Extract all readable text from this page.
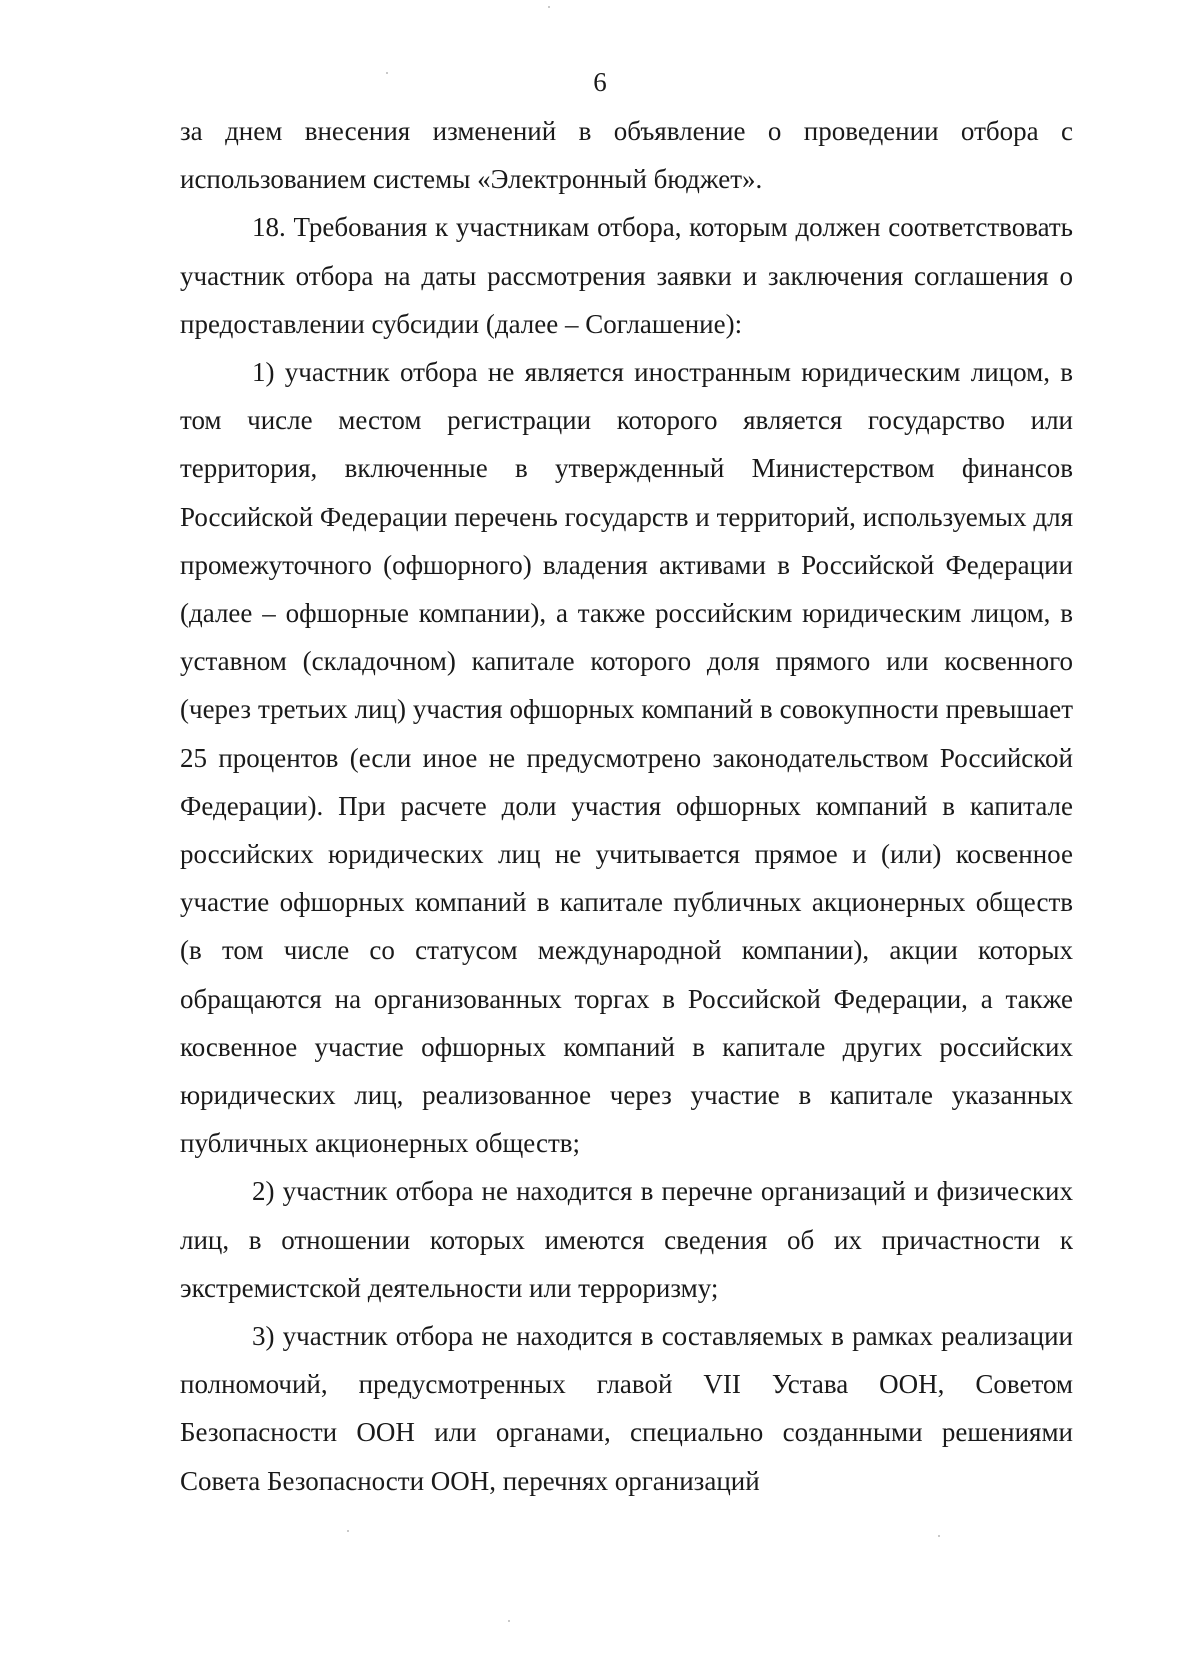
6

за днем внесения изменений в объявление о проведении отбора с использованием системы «Электронный бюджет».

18. Требования к участникам отбора, которым должен соответствовать участник отбора на даты рассмотрения заявки и заключения соглашения о предоставлении субсидии (далее – Соглашение):

1) участник отбора не является иностранным юридическим лицом, в том числе местом регистрации которого является государство или территория, включенные в утвержденный Министерством финансов Российской Федерации перечень государств и территорий, используемых для промежуточного (офшорного) владения активами в Российской Федерации (далее – офшорные компании), а также российским юридическим лицом, в уставном (складочном) капитале которого доля прямого или косвенного (через третьих лиц) участия офшорных компаний в совокупности превышает 25 процентов (если иное не предусмотрено законодательством Российской Федерации). При расчете доли участия офшорных компаний в капитале российских юридических лиц не учитывается прямое и (или) косвенное участие офшорных компаний в капитале публичных акционерных обществ (в том числе со статусом международной компании), акции которых обращаются на организованных торгах в Российской Федерации, а также косвенное участие офшорных компаний в капитале других российских юридических лиц, реализованное через участие в капитале указанных публичных акционерных обществ;

2) участник отбора не находится в перечне организаций и физических лиц, в отношении которых имеются сведения об их причастности к экстремистской деятельности или терроризму;

3) участник отбора не находится в составляемых в рамках реализации полномочий, предусмотренных главой VII Устава ООН, Советом Безопасности ООН или органами, специально созданными решениями Совета Безопасности ООН, перечнях организаций
